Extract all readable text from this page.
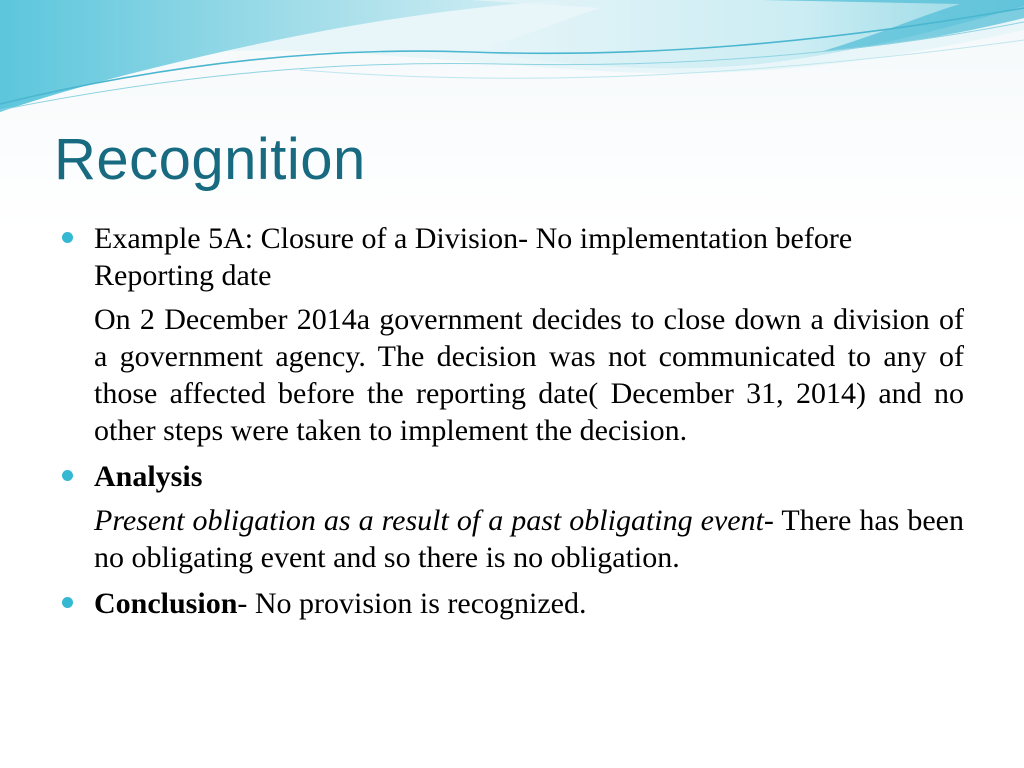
Recognition
Example 5A: Closure of a Division- No implementation before Reporting date
On 2 December 2014a government decides to close down a division of a government agency. The decision was not communicated to any of those affected before the reporting date( December 31, 2014) and no other steps were taken to implement the decision.
Analysis
Present obligation as a result of a past obligating event- There has been no obligating event and so there is no obligation.
Conclusion- No provision is recognized.
